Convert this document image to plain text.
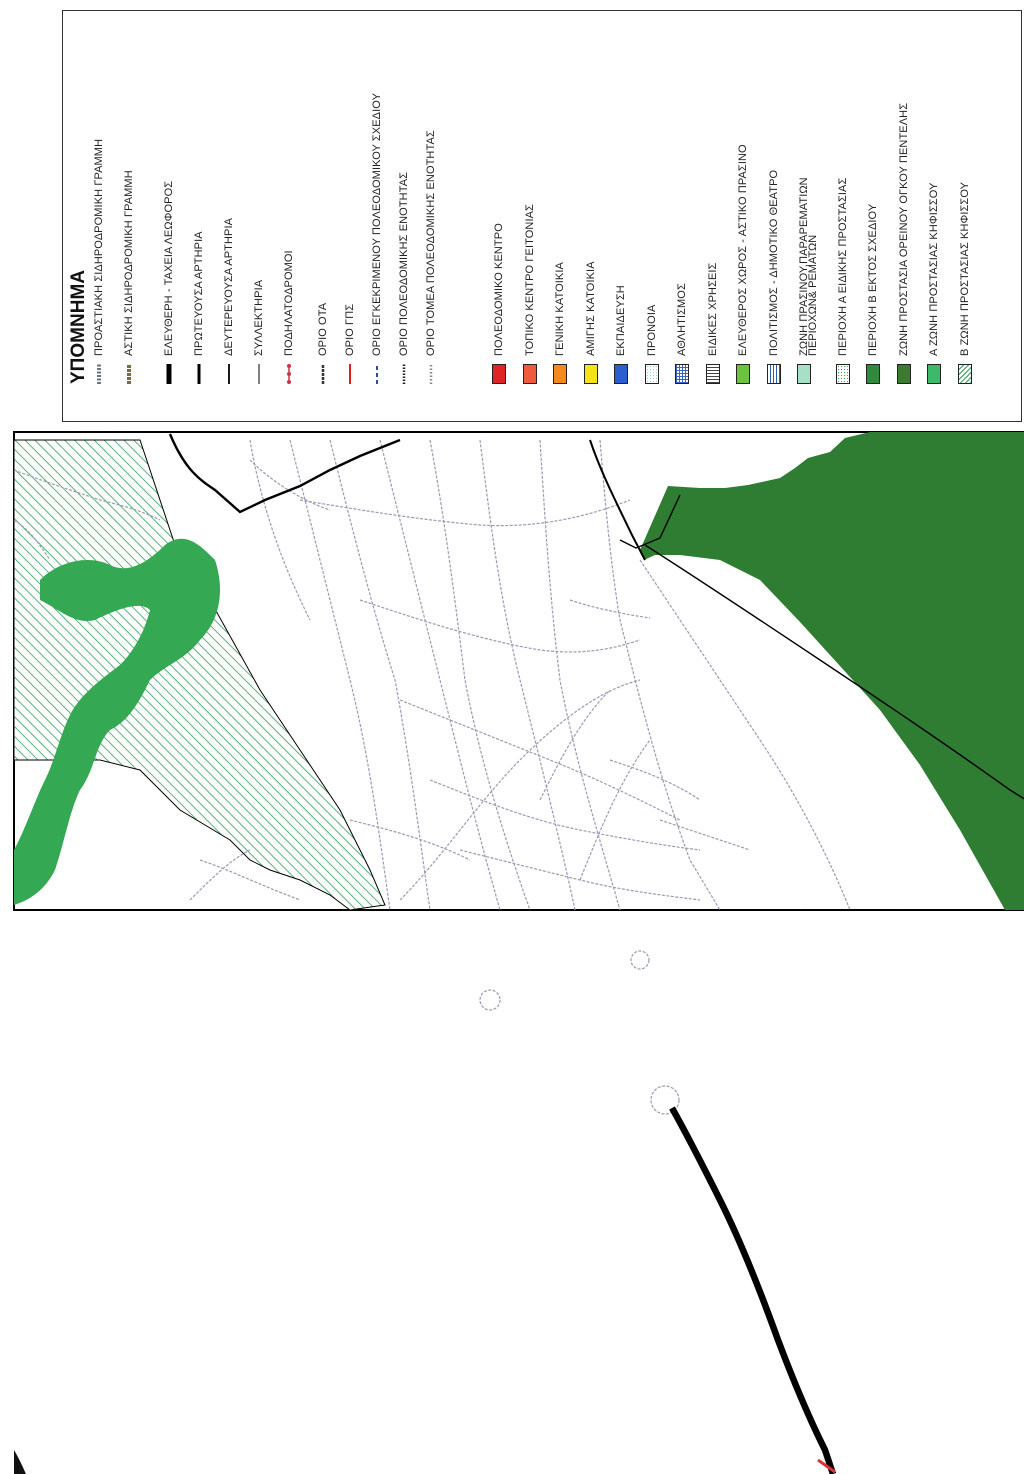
ΥΠΟΜΝΗΜΑ ΠΡΟΑΣΤΙΑΚΗ ΣΙΔΗΡΟΔΡΟΜΙΚΗ ΓΡΑΜΜΗ ΑΣΤΙΚΗ ΣΙΔΗΡΟΔΡΟΜΙΚΗ ΓΡΑΜΜΗ	ΕΛΕΥΘΕΡΗ - ΤΑΧΕΙΑ ΛΕΩΦΟΡΟΣ ΠΡΩΤΕΥΟΥΣΑ ΑΡΤΗΡΙΑ ΔΕΥΤΕΡΕΥΟΥΣΑ ΑΡΤΗΡΙΑ ΣΥΛΛΕΚΤΗΡΙΑ ΠΟΔΗΛΑΤΟΔΡΟΜΟΙ ΟΡΙΟ ΟΤΑ ΟΡΙΟ ΓΠΣ ΟΡΙΟ ΕΓΚΕΚΡΙΜΕΝΟΥ ΠΟΛΕΟΔΟΜΙΚΟΥ ΣΧΕΔΙΟΥ ΟΡΙΟ ΠΟΛΕΟΔΟΜΙΚΗΣ ΕΝΟΤΗΤΑΣ ΟΡΙΟ ΤΟΜΕΑ ΠΟΛΕΟΔΟΜΙΚΗΣ ΕΝΟΤΗΤΑΣ	ΠΟΛΕΟΔΟΜΙΚΟ ΚΕΝΤΡΟ ΤΟΠΙΚΟ ΚΕΝΤΡΟ ΓΕΙΤΟΝΙΑΣ ΓΕΝΙΚΗ ΚΑΤΟΙΚΙΑ ΑΜΙΓΗΣ ΚΑΤΟΙΚΙΑ ΕΚΠΑΙΔΕΥΣΗ ΠΡΟΝΟΙΑ ΑΘΛΗΤΙΣΜΟΣ ΕΙΔΙΚΕΣ ΧΡΗΣΕΙΣ ΕΛΕΥΘΕΡΟΣ ΧΩΡΟΣ - ΑΣΤΙΚΟ ΠΡΑΣΙΝΟ ΠΟΛΙΤΙΣΜΟΣ - ΔΗΜΟΤΙΚΟ ΘΕΑΤΡΟ ΖΩΝΗ ΠΡΑΣΙΝΟΥ,ΠΑΡΑΡΕΜΑΤΙΩΝ
ΠΕΡΙΟΧΩΝ& ΡΕΜΑΤΩΝ ΠΕΡΙΟΧΗ Α ΕΙΔΙΚΗΣ ΠΡΟΣΤΑΣΙΑΣ ΠΕΡΙΟΧΗ Β ΕΚΤΟΣ ΣΧΕΔΙΟΥ ΖΩΝΗ ΠΡΟΣΤΑΣΙΑ ΟΡΕΙΝΟΥ ΟΓΚΟΥ ΠΕΝΤΕΛΗΣ Α ΖΩΝΗ ΠΡΟΣΤΑΣΙΑΣ ΚΗΦΙΣΣΟΥ Β ΖΩΝΗ ΠΡΟΣΤΑΣΙΑΣ ΚΗΦΙΣΣΟΥ
